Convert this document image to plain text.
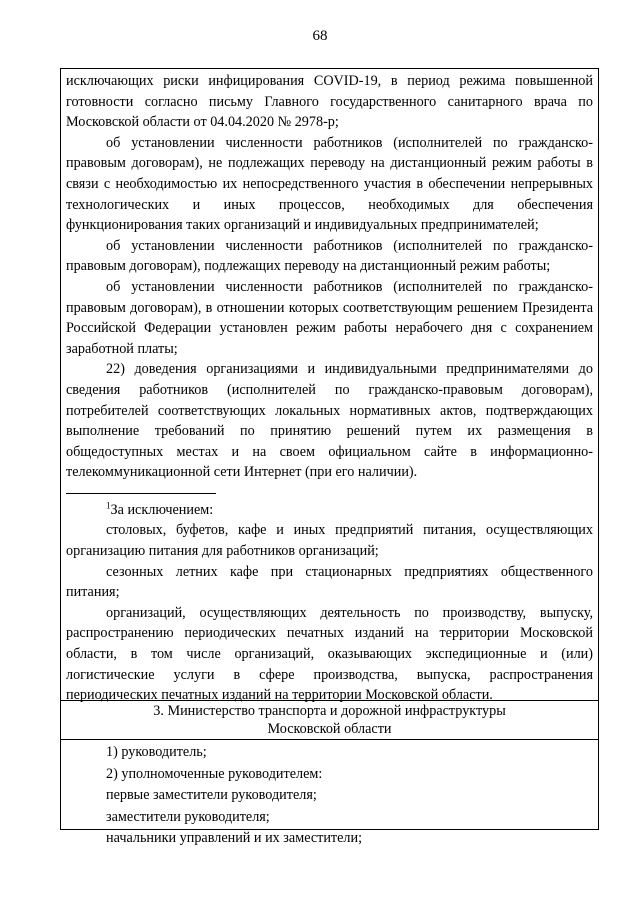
68

исключающих риски инфицирования COVID-19, в период режима повышенной готовности согласно письму Главного государственного санитарного врача по Московской области от 04.04.2020 № 2978-р;

об установлении численности работников (исполнителей по гражданско-правовым договорам), не подлежащих переводу на дистанционный режим работы в связи с необходимостью их непосредственного участия в обеспечении непрерывных технологических и иных процессов, необходимых для обеспечения функционирования таких организаций и индивидуальных предпринимателей;

об установлении численности работников (исполнителей по гражданско-правовым договорам), подлежащих переводу на дистанционный режим работы;

об установлении численности работников (исполнителей по гражданско-правовым договорам), в отношении которых соответствующим решением Президента Российской Федерации установлен режим работы нерабочего дня с сохранением заработной платы;

22) доведения организациями и индивидуальными предпринимателями до сведения работников (исполнителей по гражданско-правовым договорам), потребителей соответствующих локальных нормативных актов, подтверждающих выполнение требований по принятию решений путем их размещения в общедоступных местах и на своем официальном сайте в информационно-телекоммуникационной сети Интернет (при его наличии).

$^1$За исключением:

столовых, буфетов, кафе и иных предприятий питания, осуществляющих организацию питания для работников организаций;

сезонных летних кафе при стационарных предприятиях общественного питания;

организаций, осуществляющих деятельность по производству, выпуску, распространению периодических печатных изданий на территории Московской области, в том числе организаций, оказывающих экспедиционные и (или) логистические услуги в сфере производства, выпуска, распространения периодических печатных изданий на территории Московской области.

3. Министерство транспорта и дорожной инфраструктуры
Московской области
1) руководитель;
2) уполномоченные руководителем:
первые заместители руководителя;
заместители руководителя;
начальники управлений и их заместители;
